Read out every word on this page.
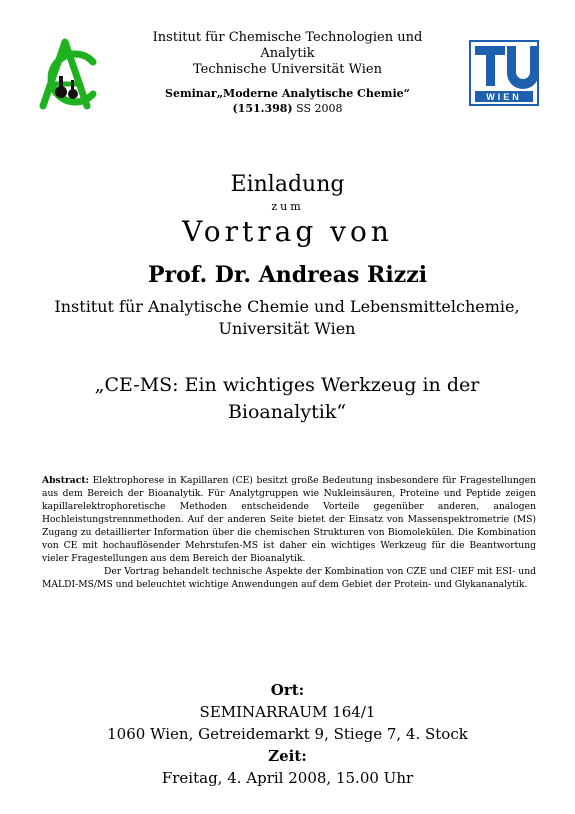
Institut für Chemische Technologien und
Analytik
Technische Universität Wien
Seminar„Moderne Analytische Chemie“
(151.398) SS 2008
WIEN
Einladung
zum
Vortrag von
Prof. Dr. Andreas Rizzi
Institut für Analytische Chemie und Lebensmittelchemie,
Universität Wien
„CE-MS: Ein wichtiges Werkzeug in der
Bioanalytik“

Abstract: Elektrophorese in Kapillaren (CE) besitzt große Bedeutung insbesondere für Fragestellungen aus dem Bereich der Bioanalytik. Für Analytgruppen wie Nukleinsäuren, Proteine und Peptide zeigen kapillarelektrophoretische Methoden entscheidende Vorteile gegenüber anderen, analogen Hochleistungstrennmethoden. Auf der anderen Seite bietet der Einsatz von Massenspektrometrie (MS) Zugang zu detaillierter Information über die chemischen Strukturen von Biomolekülen. Die Kombination von CE mit hochauflösender Mehrstufen-MS ist daher ein wichtiges Werkzeug für die Beantwortung vieler Fragestellungen aus dem Bereich der Bioanalytik.

Der Vortrag behandelt technische Aspekte der Kombination von CZE und CIEF mit ESI- und MALDI-MS/MS und beleuchtet wichtige Anwendungen auf dem Gebiet der Protein- und Glykananalytik.

Ort:
SEMINARRAUM 164/1
1060 Wien, Getreidemarkt 9, Stiege 7, 4. Stock
Zeit:
Freitag, 4. April 2008, 15.00 Uhr
